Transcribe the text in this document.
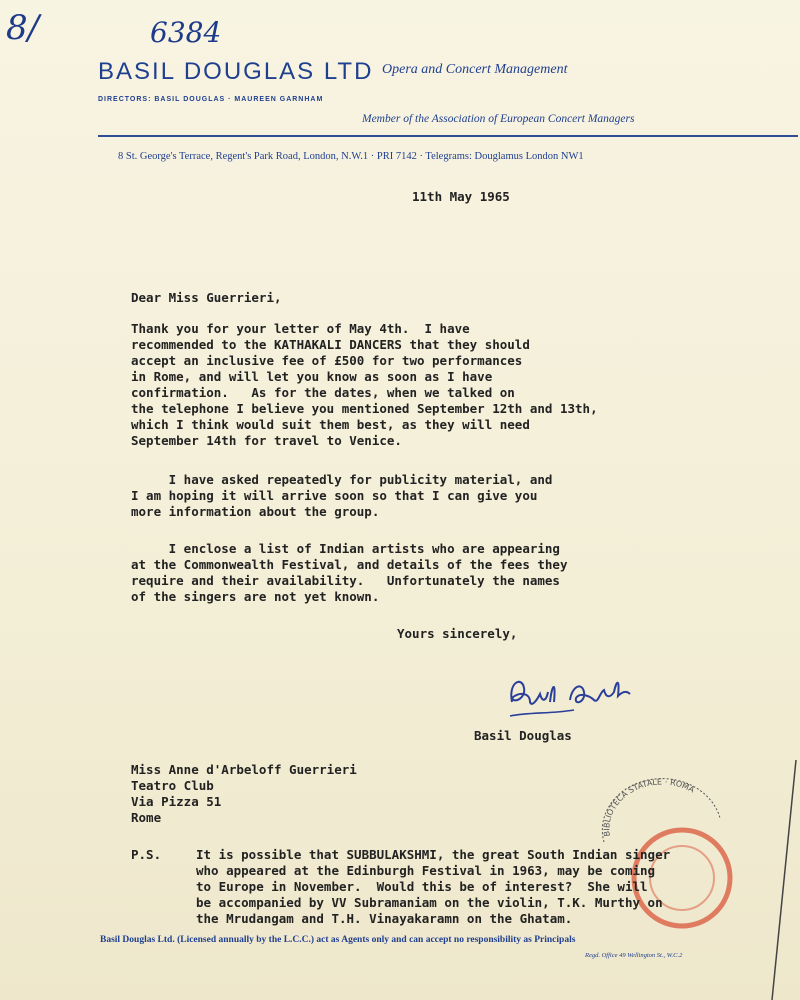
8/	6384
BASIL DOUGLAS LTD Opera and Concert Management
DIRECTORS: BASIL DOUGLAS · MAUREEN GARNHAM
Member of the Association of European Concert Managers
8 St. George's Terrace, Regent's Park Road, London, N.W.1 · PRI 7142 · Telegrams: Douglamus London NW1
11th May 1965
Dear Miss Guerrieri,
Thank you for your letter of May 4th.  I have
recommended to the KATHAKALI DANCERS that they should
accept an inclusive fee of £500 for two performances
in Rome, and will let you know as soon as I have
confirmation.   As for the dates, when we talked on
the telephone I believe you mentioned September 12th and 13th,
which I think would suit them best, as they will need
September 14th for travel to Venice.
I have asked repeatedly for publicity material, and
I am hoping it will arrive soon so that I can give you
more information about the group.
I enclose a list of Indian artists who are appearing
at the Commonwealth Festival, and details of the fees they
require and their availability.   Unfortunately the names
of the singers are not yet known.
Yours sincerely,
Basil Douglas
Miss Anne d'Arbeloff Guerrieri
Teatro Club
Via Pizza 51
Rome
BIBLIOTECA STATALE · ROMA
P.S.	It is possible that SUBBULAKSHMI, the great South Indian singer
who appeared at the Edinburgh Festival in 1963, may be coming
to Europe in November.  Would this be of interest?  She will
be accompanied by VV Subramaniam on the violin, T.K. Murthy on
the Mrudangam and T.H. Vinayakaramn on the Ghatam.
Basil Douglas Ltd. (Licensed annually by the L.C.C.) act as Agents only and can accept no responsibility as Principals
Regd. Office 49 Wellington St., W.C.2
